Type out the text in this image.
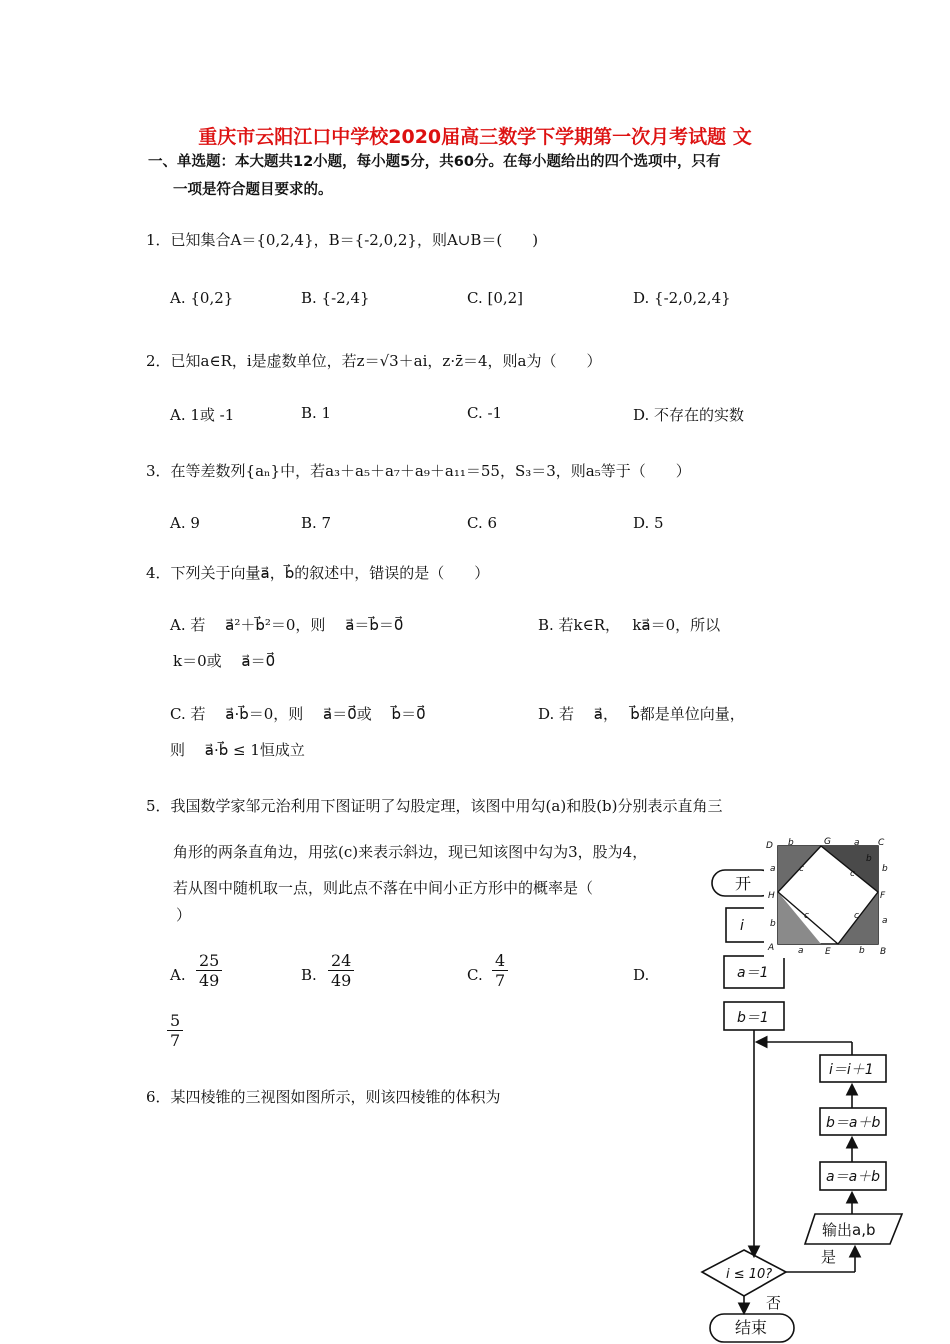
重庆市云阳江口中学校2020届高三数学下学期第一次月考试题 文
一、单选题：本大题共12小题，每小题5分，共60分。在每小题给出的四个选项中，只有
一项是符合题目要求的。
1．已知集合A＝{0,2,4}，B＝{-2,0,2}，则A∪B＝(　　)
A. {0,2}	B. {-2,4}	C. [0,2]	D. {-2,0,2,4}
2．已知a∈R，i是虚数单位，若z＝√3＋ai，z·z̄＝4，则a为（　　）
A. 1或 -1	B. 1	C. -1	D. 不存在的实数
3．在等差数列{aₙ}中，若a₃＋a₅＋a₇＋a₉＋a₁₁＝55，S₃＝3，则a₅等于（　　）
A. 9	B. 7	C. 6	D. 5
4．下列关于向量a⃗，b⃗的叙述中，错误的是（　　）
A. 若　 a⃗²＋b⃗²＝0，则　 a⃗＝b⃗＝0⃗	B. 若k∈R，　 ka⃗＝0，所以
k＝0或　 a⃗＝0⃗
C. 若　 a⃗·b⃗＝0，则　 a⃗＝0⃗或　 b⃗＝0⃗	D. 若　 a⃗，　 b⃗都是单位向量，
则　 a⃗·b⃗ ≤ 1恒成立
5．我国数学家邹元治利用下图证明了勾股定理，该图中用勾(a)和股(b)分别表示直角三
角形的两条直角边，用弦(c)来表示斜边，现已知该图中勾为3，股为4，
若从图中随机取一点，则此点不落在中间小正方形中的概率是（
）
A. $\frac{25}{49}$	B. $\frac{24}{49}$	C. $\frac{4}{7}$	D.
$\frac{5}{7}$
6．某四棱锥的三视图如图所示，则该四棱锥的体积为
开
i
a＝1
b＝1
i＝i＋1
b＝a＋b
a＝a＋b
输出a,b
是
i ≤ 10?
否
结束
D b	G	a C
a	b
H
b
A	a	b
E
a
B
F
b
c	c
c	c
